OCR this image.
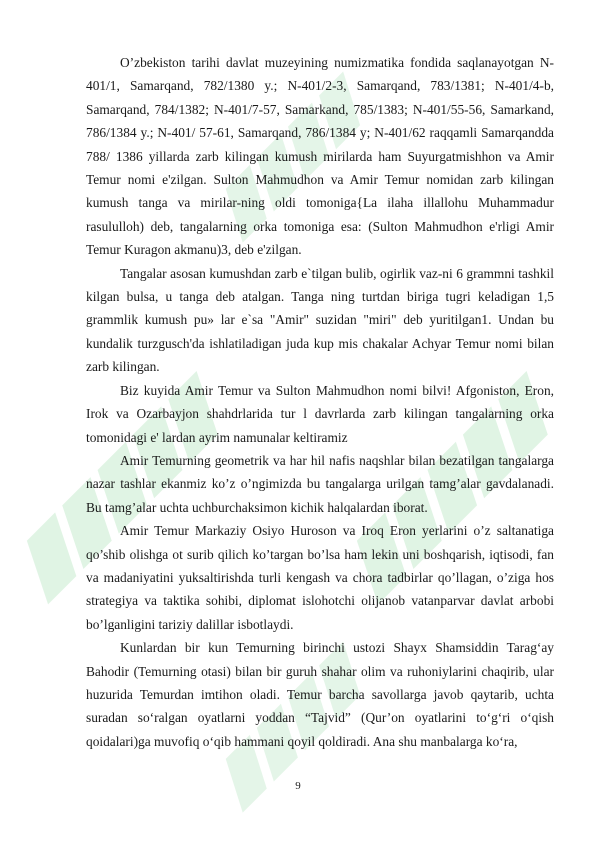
O’zbekiston tarihi davlat muzeyining numizmatika fondida saqlanayotgan N-401/1, Samarqand, 782/1380 y.; N-401/2-3, Samarqand, 783/1381; N-401/4-b, Samarqand, 784/1382; N-401/7-57, Samarkand, 785/1383; N-401/55-56, Samarkand, 786/1384 y.; N-401/ 57-61, Samarqand, 786/1384 y; N-401/62 raqqamli Samarqandda 788/ 1386 yillarda zarb kilingan kumush mirilarda ham Suyurgatmishhon va Amir Temur nomi e'zilgan. Sulton Mahmudhon va Amir Temur nomidan zarb kilingan kumush tanga va mirilar-ning oldi tomoniga{La ilaha illallohu Muhammadur rasululloh) deb, tangalarning orka tomoniga esa: (Sulton Mahmudhon e'rligi Amir Temur Kuragon akmanu)3, deb e'zilgan.

Tangalar asosan kumushdan zarb e`tilgan bulib, ogirlik vaz-ni 6 grammni tashkil kilgan bulsa, u tanga deb atalgan. Tanga ning turtdan biriga tugri keladigan 1,5 grammlik kumush pu» lar e`sa "Amir" suzidan "miri" deb yuritilgan1. Undan bu kundalik turzgusch'da ishlatiladigan juda kup mis chakalar Achyar Temur nomi bilan zarb kilingan.

Biz kuyida Amir Temur va Sulton Mahmudhon nomi bilvi! Afgoniston, Eron, Irok va Ozarbayjon shahdrlarida tur l davrlarda zarb kilingan tangalarning orka tomonidagi e' lardan ayrim namunalar keltiramiz

Amir Temurning geometrik va har hil nafis naqshlar bilan bezatilgan tangalarga nazar tashlar ekanmiz ko’z o’ngimizda bu tangalarga urilgan tamg’alar gavdalanadi. Bu tamg’alar uchta uchburchaksimon kichik halqalardan iborat.

Amir Temur Markaziy Osiyo Huroson va Iroq Eron yerlarini o’z saltanatiga qo’shib olishga ot surib qilich ko’targan bo’lsa ham lekin uni boshqarish, iqtisodi, fan va madaniyatini yuksaltirishda turli kengash va chora tadbirlar qo’llagan, o’ziga hos strategiya va taktika sohibi, diplomat islohotchi olijanob vatanparvar davlat arbobi bo’lganligini tariziy dalillar isbotlaydi.

Kunlardan bir kun Temurning birinchi ustozi Shayx Shamsiddin Tarag‘ay Bahodir (Temurning otasi) bilan bir guruh shahar olim va ruhoniylarini chaqirib, ular huzurida Temurdan imtihon oladi. Temur barcha savollarga javob qaytarib, uchta suradan so‘ralgan oyatlarni yoddan “Tajvid” (Qur’on oyatlarini to‘g‘ri o‘qish qoidalari)ga muvofiq o‘qib hammani qoyil qoldiradi. Ana shu manbalarga ko‘ra,

9
